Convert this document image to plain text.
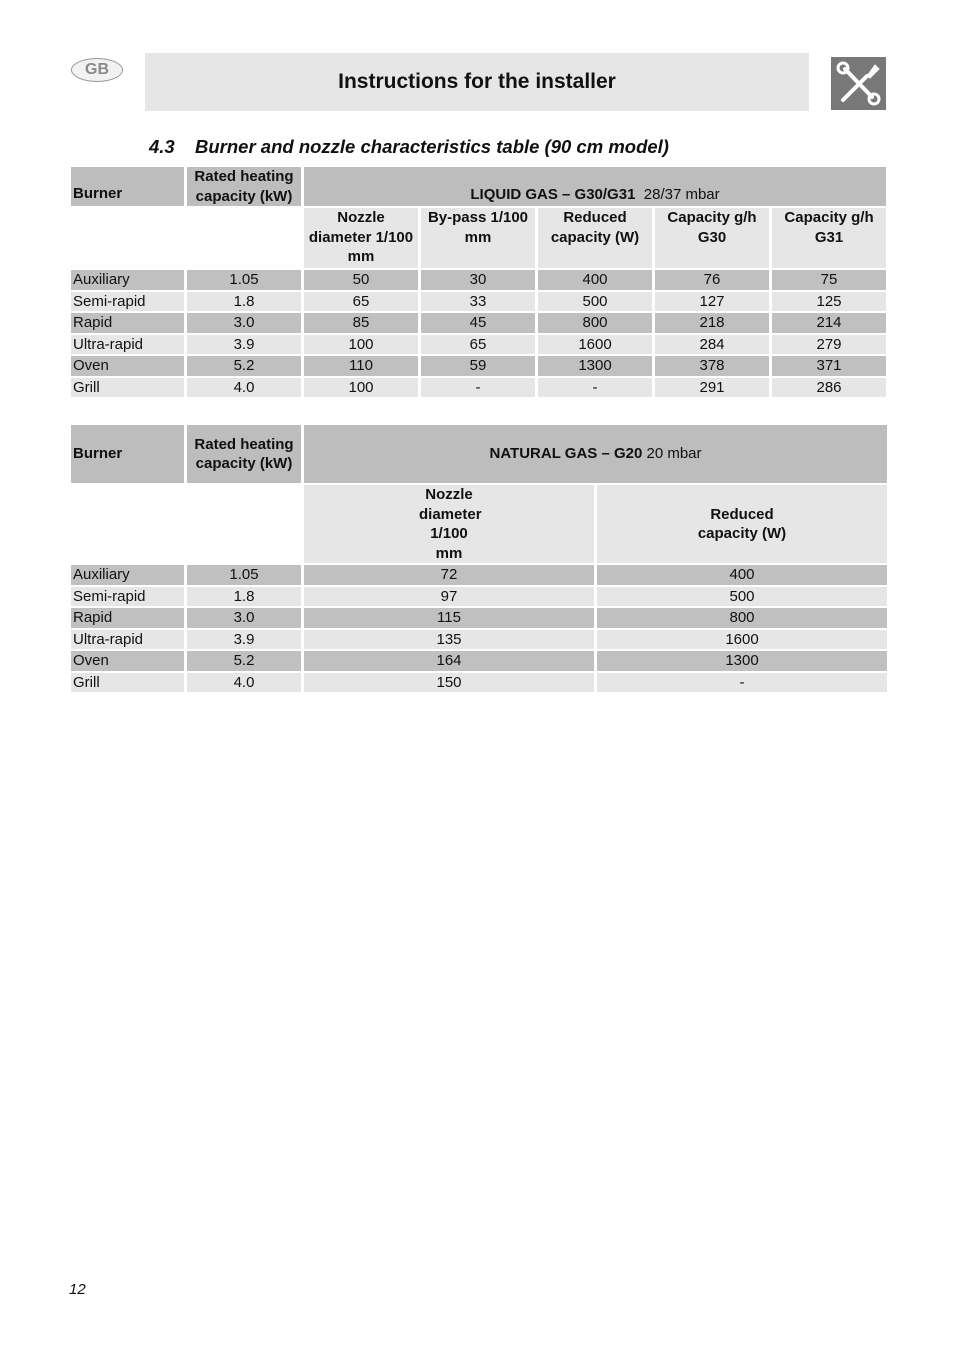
GB
Instructions for the installer
4.3 Burner and nozzle characteristics table (90 cm model)
Burner	Rated heating capacity (kW)	LIQUID GAS – G30/G31 28/37 mbar				
		Nozzle diameter 1/100 mm	By-pass 1/100 mm	Reduced capacity (W)	Capacity g/h G30	Capacity g/h G31
Auxiliary	1.05	50	30	400	76	75
Semi-rapid	1.8	65	33	500	127	125
Rapid	3.0	85	45	800	218	214
Ultra-rapid	3.9	100	65	1600	284	279
Oven	5.2	110	59	1300	378	371
Grill	4.0	100	-	-	291	286
Burner	Rated heating capacity (kW)	NATURAL GAS – G20 20 mbar	
		Nozzle diameter 1/100 mm	Reduced capacity (W)
Auxiliary	1.05	72	400
Semi-rapid	1.8	97	500
Rapid	3.0	115	800
Ultra-rapid	3.9	135	1600
Oven	5.2	164	1300
Grill	4.0	150	-
12
